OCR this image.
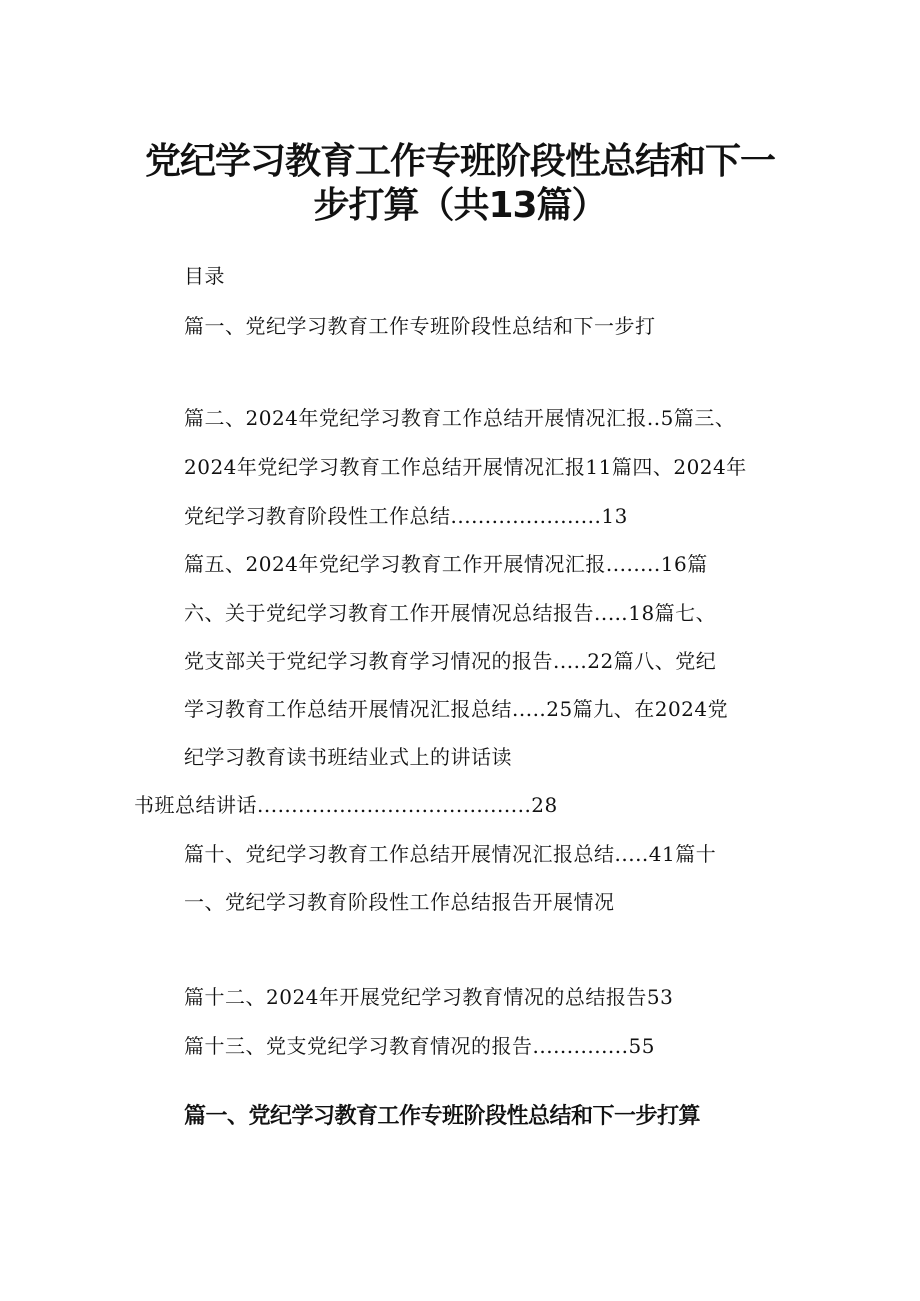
党纪学习教育工作专班阶段性总结和下一
步打算（共13篇）
目录
篇一、党纪学习教育工作专班阶段性总结和下一步打
篇二、2024年党纪学习教育工作总结开展情况汇报..5篇三、
2024年党纪学习教育工作总结开展情况汇报11篇四、2024年
党纪学习教育阶段性工作总结......................13
篇五、2024年党纪学习教育工作开展情况汇报........16篇
六、关于党纪学习教育工作开展情况总结报告..…18篇七、
党支部关于党纪学习教育学习情况的报告.....22篇八、党纪
学习教育工作总结开展情况汇报总结.....25篇九、在2024党
纪学习教育读书班结业式上的讲话读
书班总结讲话........................................28
篇十、党纪学习教育工作总结开展情况汇报总结.....41篇十
一、党纪学习教育阶段性工作总结报告开展情况
篇十二、2024年开展党纪学习教育情况的总结报告53
篇十三、党支党纪学习教育情况的报告..............55
篇一、党纪学习教育工作专班阶段性总结和下一步打算
